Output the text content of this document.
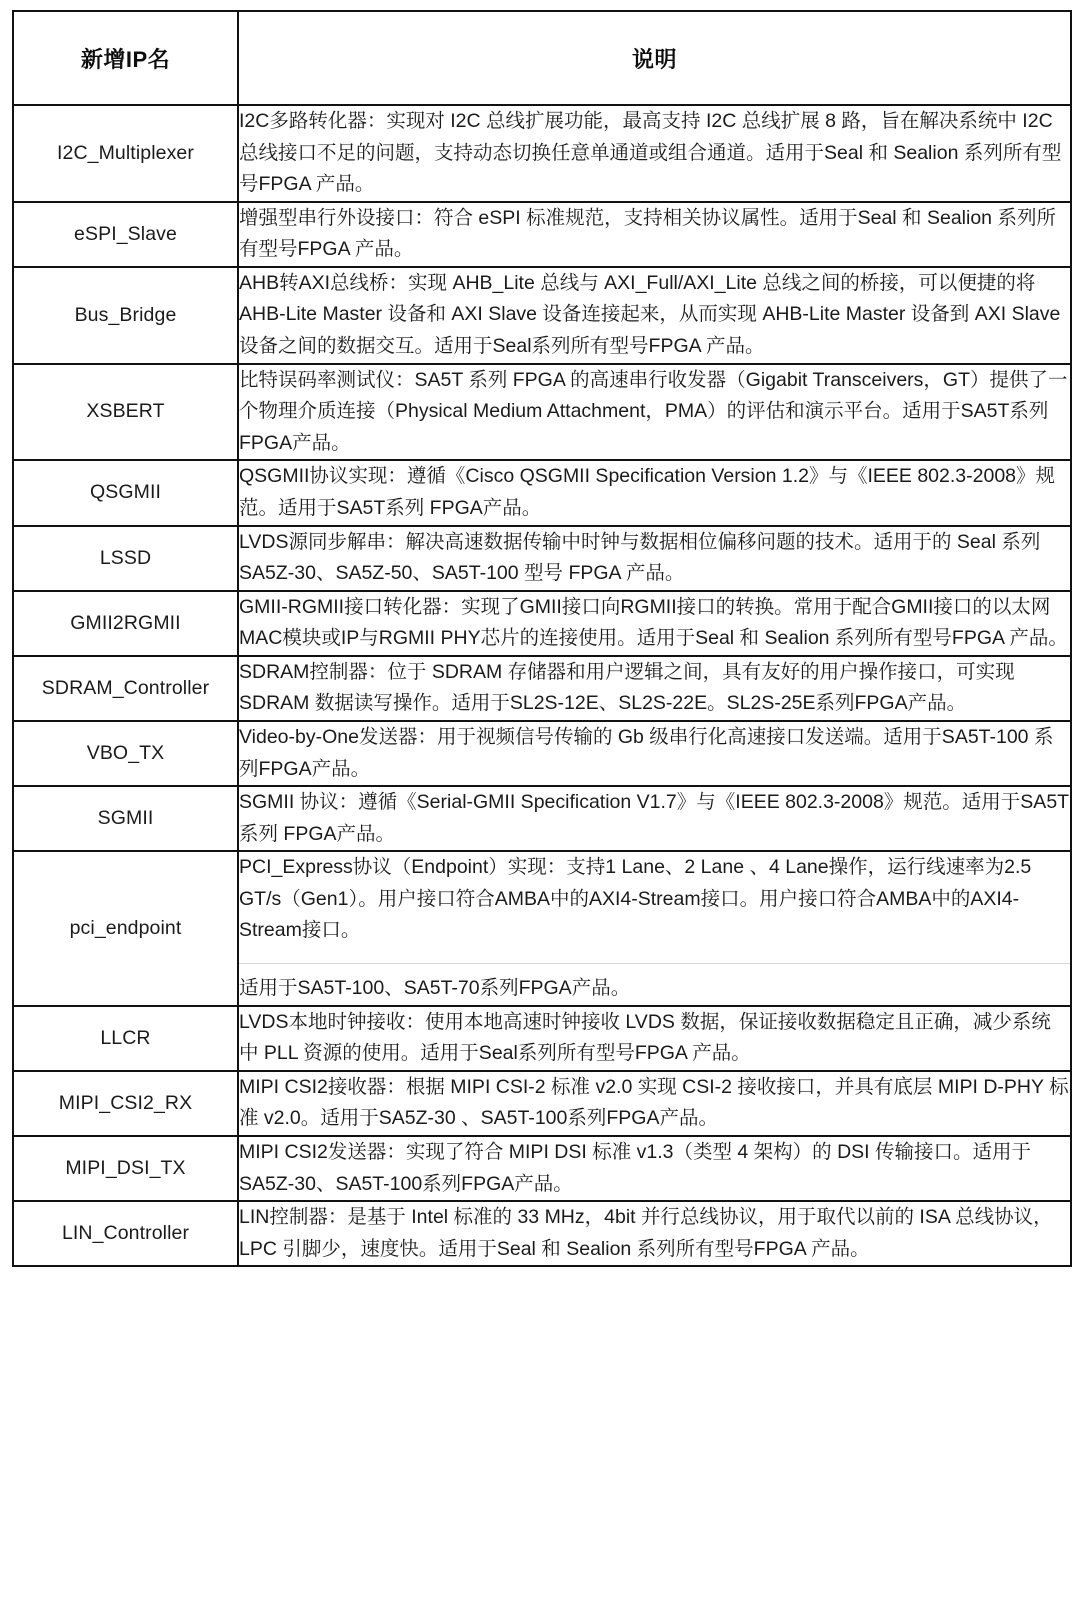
新增IP名	说明
I2C_Multiplexer	I2C多路转化器：实现对 I2C 总线扩展功能，最高支持 I2C 总线扩展 8 路，旨在解决系统中 I2C 总线接口不足的问题，支持动态切换任意单通道或组合通道。适用于Seal 和 Sealion 系列所有型号FPGA 产品。

eSPI_Slave	增强型串行外设接口：符合 eSPI 标准规范，支持相关协议属性。适用于Seal 和 Sealion 系列所有型号FPGA 产品。

Bus_Bridge	AHB转AXI总线桥：实现 AHB_Lite 总线与 AXI_Full/AXI_Lite 总线之间的桥接，可以便捷的将AHB-Lite Master 设备和 AXI Slave 设备连接起来，从而实现 AHB-Lite Master 设备到 AXI Slave 设备之间的数据交互。适用于Seal系列所有型号FPGA 产品。

XSBERT	比特误码率测试仪：SA5T 系列 FPGA 的高速串行收发器（Gigabit Transceivers，GT）提供了一个物理介质连接（Physical Medium Attachment，PMA）的评估和演示平台。适用于SA5T系列FPGA产品。

QSGMII	QSGMII协议实现：遵循《Cisco QSGMII Specification Version 1.2》与《IEEE 802.3-2008》规范。适用于SA5T系列 FPGA产品。

LSSD	LVDS源同步解串：解决高速数据传输中时钟与数据相位偏移问题的技术。适用于的 Seal 系列SA5Z-30、SA5Z-50、SA5T-100 型号 FPGA 产品。

GMII2RGMII	GMII-RGMII接口转化器：实现了GMII接口向RGMII接口的转换。常用于配合GMII接口的以太网MAC模块或IP与RGMII PHY芯片的连接使用。适用于Seal 和 Sealion 系列所有型号FPGA 产品。

SDRAM_Controller	SDRAM控制器：位于 SDRAM 存储器和用户逻辑之间，具有友好的用户操作接口，可实现SDRAM 数据读写操作。适用于SL2S-12E、SL2S-22E。SL2S-25E系列FPGA产品。

VBO_TX	Video-by-One发送器：用于视频信号传输的 Gb 级串行化高速接口发送端。适用于SA5T-100 系列FPGA产品。

SGMII	SGMII 协议：遵循《Serial-GMII Specification V1.7》与《IEEE 802.3-2008》规范。适用于SA5T系列 FPGA产品。

pci_endpoint	PCI_Express协议（Endpoint）实现：支持1 Lane、2 Lane 、4 Lane操作，运行线速率为2.5 GT/s（Gen1）。用户接口符合AMBA中的AXI4-Stream接口。用户接口符合AMBA中的AXI4-Stream接口。

适用于SA5T-100、SA5T-70系列FPGA产品。

LLCR	LVDS本地时钟接收：使用本地高速时钟接收 LVDS 数据，保证接收数据稳定且正确，减少系统中 PLL 资源的使用。适用于Seal系列所有型号FPGA 产品。

MIPI_CSI2_RX	MIPI CSI2接收器：根据 MIPI CSI-2 标准 v2.0 实现 CSI-2 接收接口，并具有底层 MIPI D-PHY 标准 v2.0。适用于SA5Z-30 、SA5T-100系列FPGA产品。

MIPI_DSI_TX	MIPI CSI2发送器：实现了符合 MIPI DSI 标准 v1.3（类型 4 架构）的 DSI 传输接口。适用于SA5Z-30、SA5T-100系列FPGA产品。

LIN_Controller	LIN控制器：是基于 Intel 标准的 33 MHz，4bit 并行总线协议，用于取代以前的 ISA 总线协议，LPC 引脚少，速度快。适用于Seal 和 Sealion 系列所有型号FPGA 产品。
